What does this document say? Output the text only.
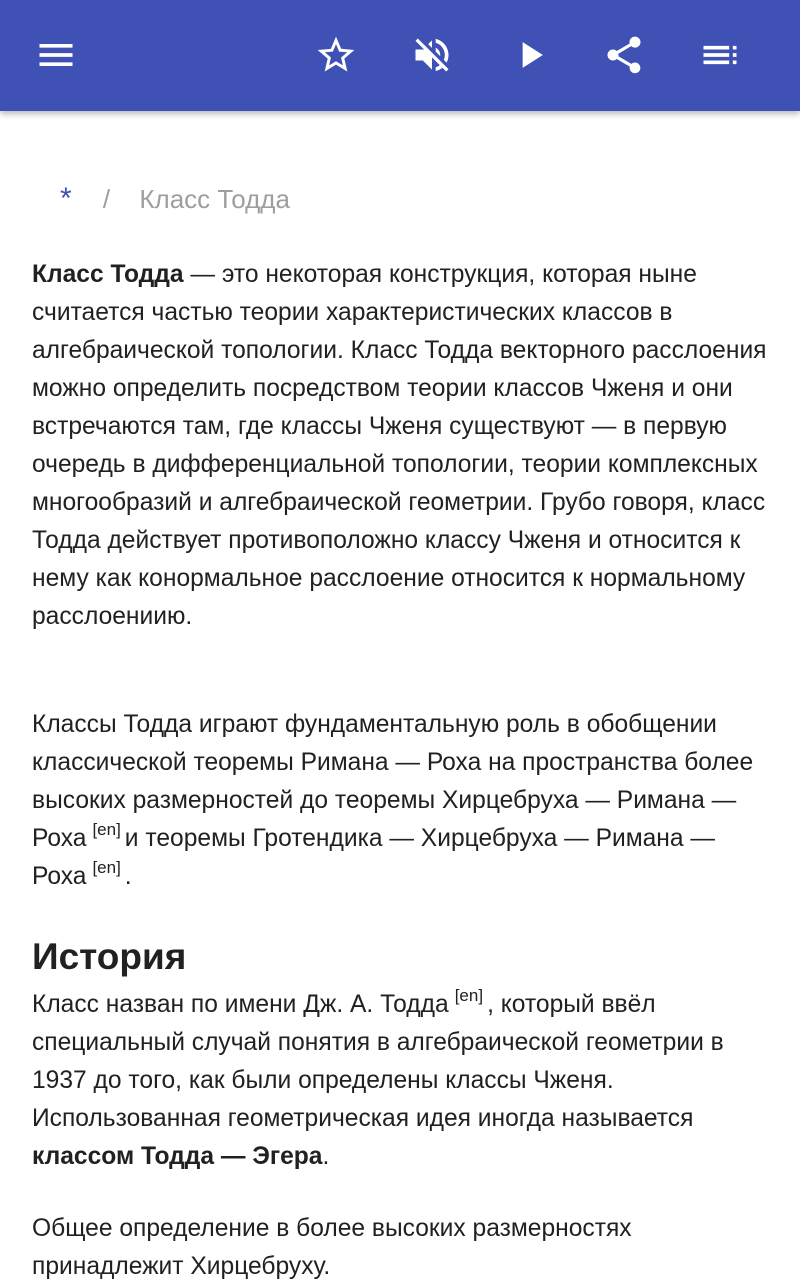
* / Класс Тодда

Класс Тодда — это некоторая конструкция, которая ныне считается частью теории характеристических классов в алгебраической топологии. Класс Тодда векторного расслоения можно определить посредством теории классов Чженя и они встречаются там, где классы Чженя существуют — в первую очередь в дифференциальной топологии, теории комплексных многообразий и алгебраической геометрии. Грубо говоря, класс Тодда действует противоположно классу Чженя и относится к нему как конормальное расслоение относится к нормальному расслоениию.

Классы Тодда играют фундаментальную роль в обобщении классической теоремы Римана — Роха на пространства более высоких размерностей до теоремы Хирцебруха — Римана — Роха [en] и теоремы Гротендика — Хирцебруха — Римана — Роха [en] .

История

Класс назван по имени Дж. А. Тодда [en] , который ввёл специальный случай понятия в алгебраической геометрии в 1937 до того, как были определены классы Чженя. Использованная геометрическая идея иногда называется классом Тодда — Эгера.

Общее определение в более высоких размерностях принадлежит Хирцебруху.
